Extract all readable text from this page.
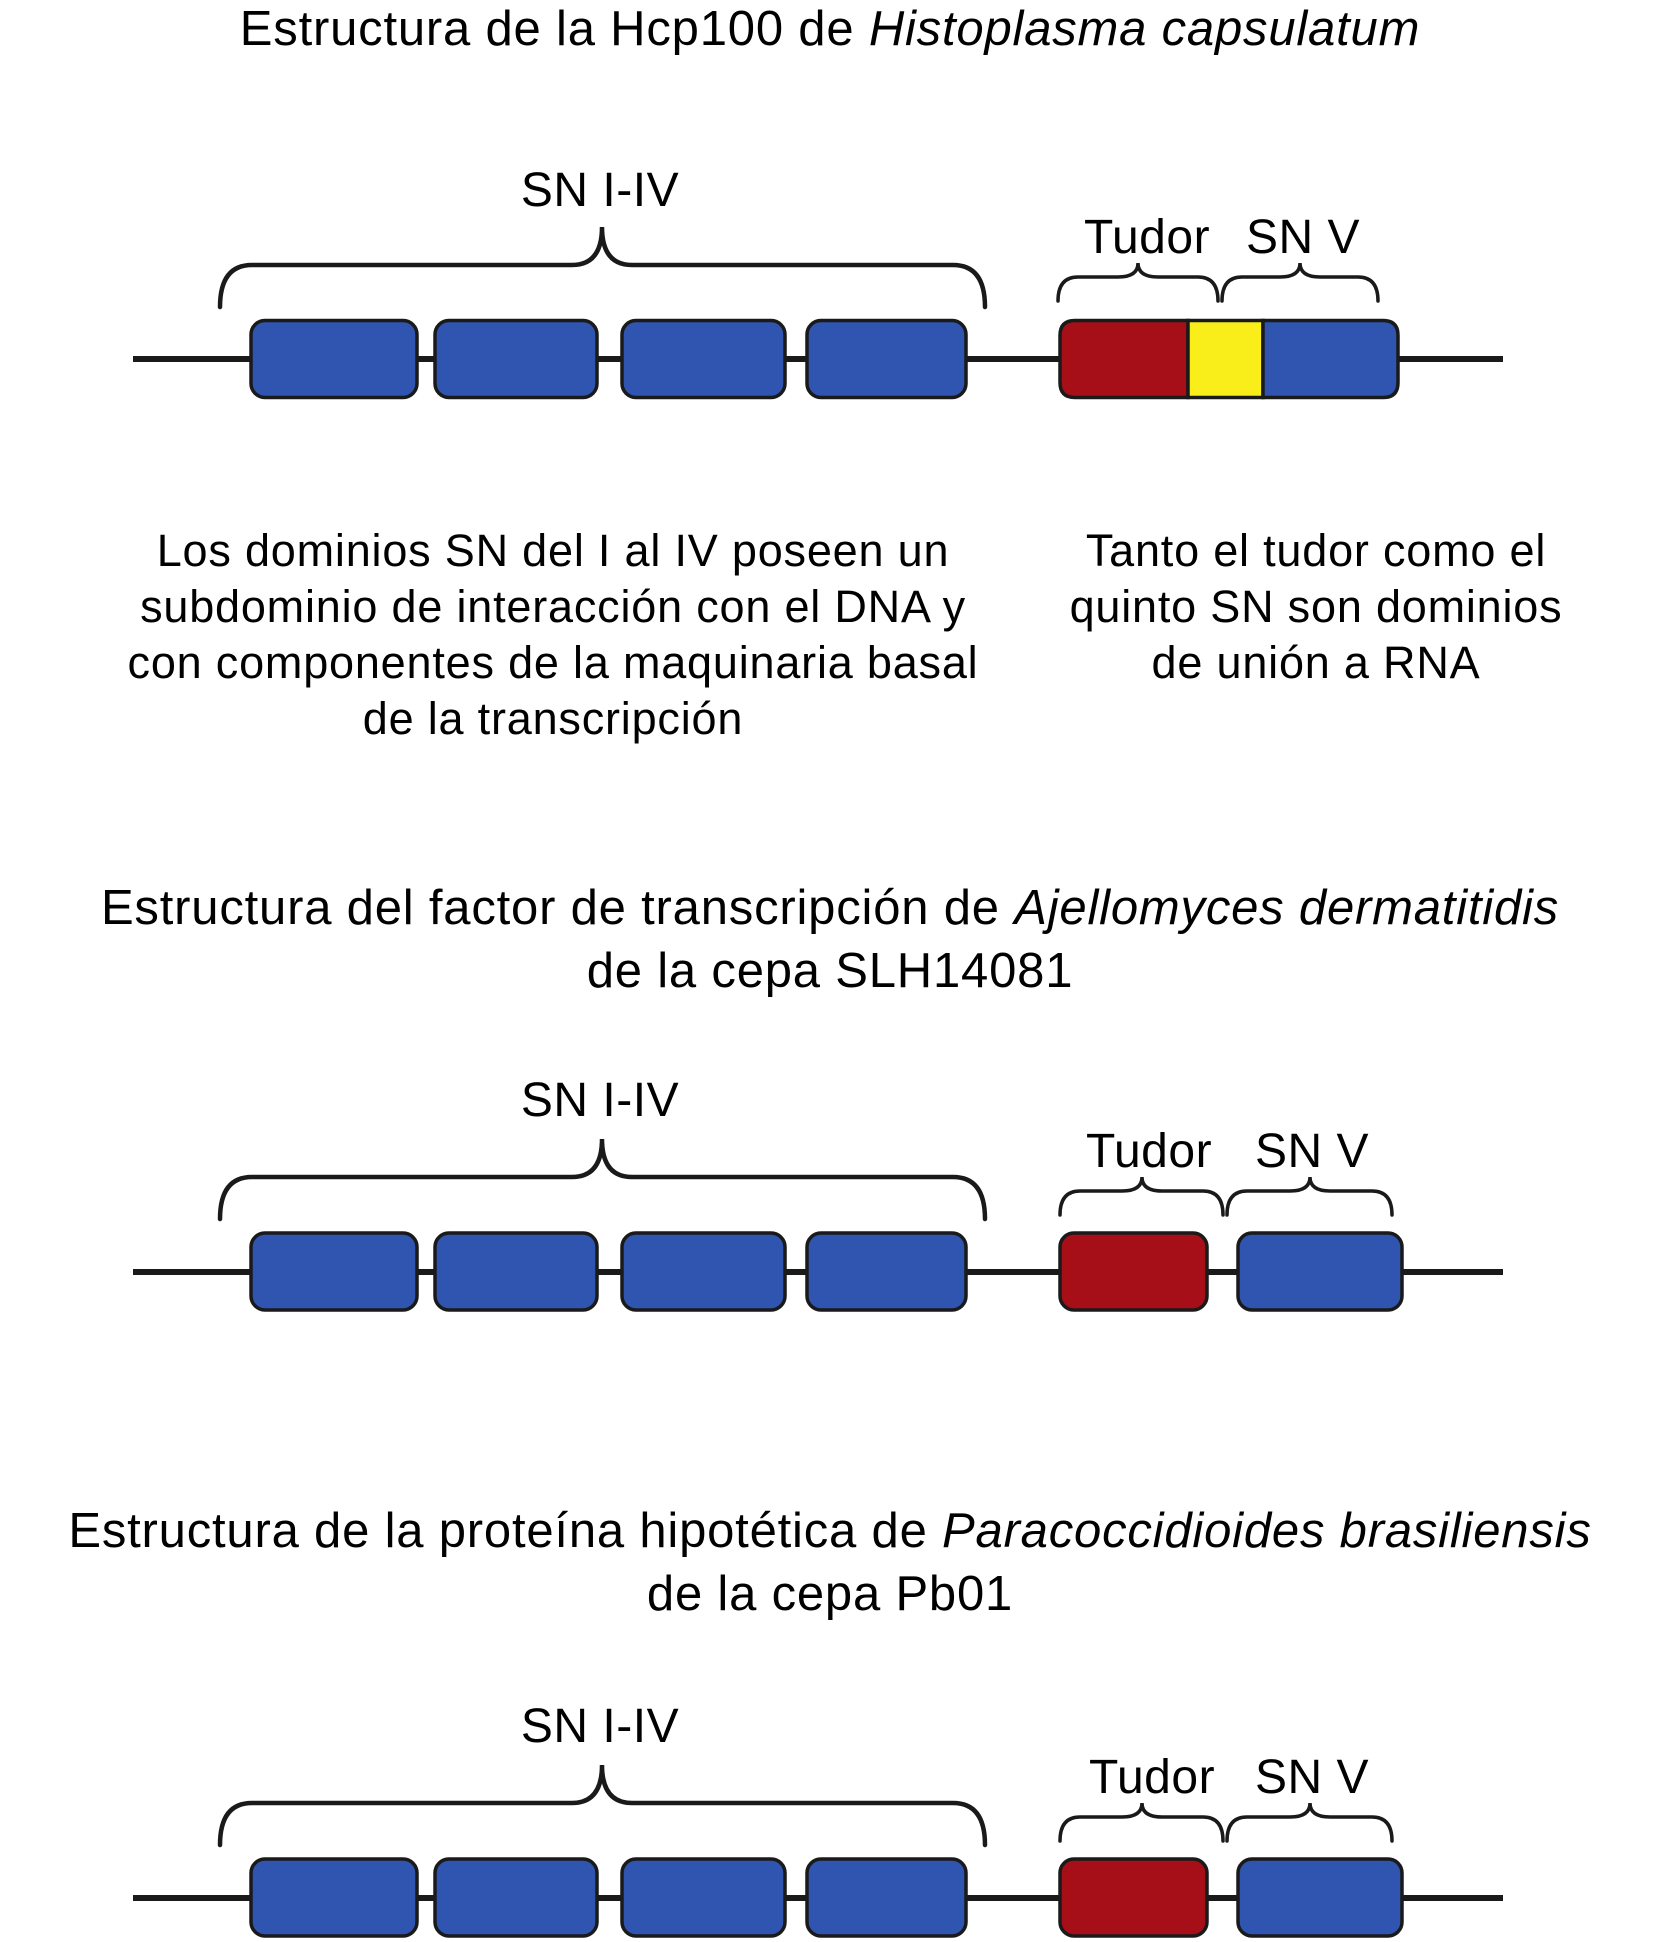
Estructura de la Hcp100 de Histoplasma capsulatum
SN I-IV
Tudor SN V
Los dominios SN del I al IV poseen un
subdominio de interacción con el DNA y
con componentes de la maquinaria basal
de la transcripción
Tanto el tudor como el
quinto SN son dominios
de unión a RNA
Estructura del factor de transcripción de Ajellomyces dermatitidis
de la cepa SLH14081
SN I-IV
Tudor SN V
Estructura de la proteína hipotética de Paracoccidioides brasiliensis
de la cepa Pb01
SN I-IV
Tudor SN V
